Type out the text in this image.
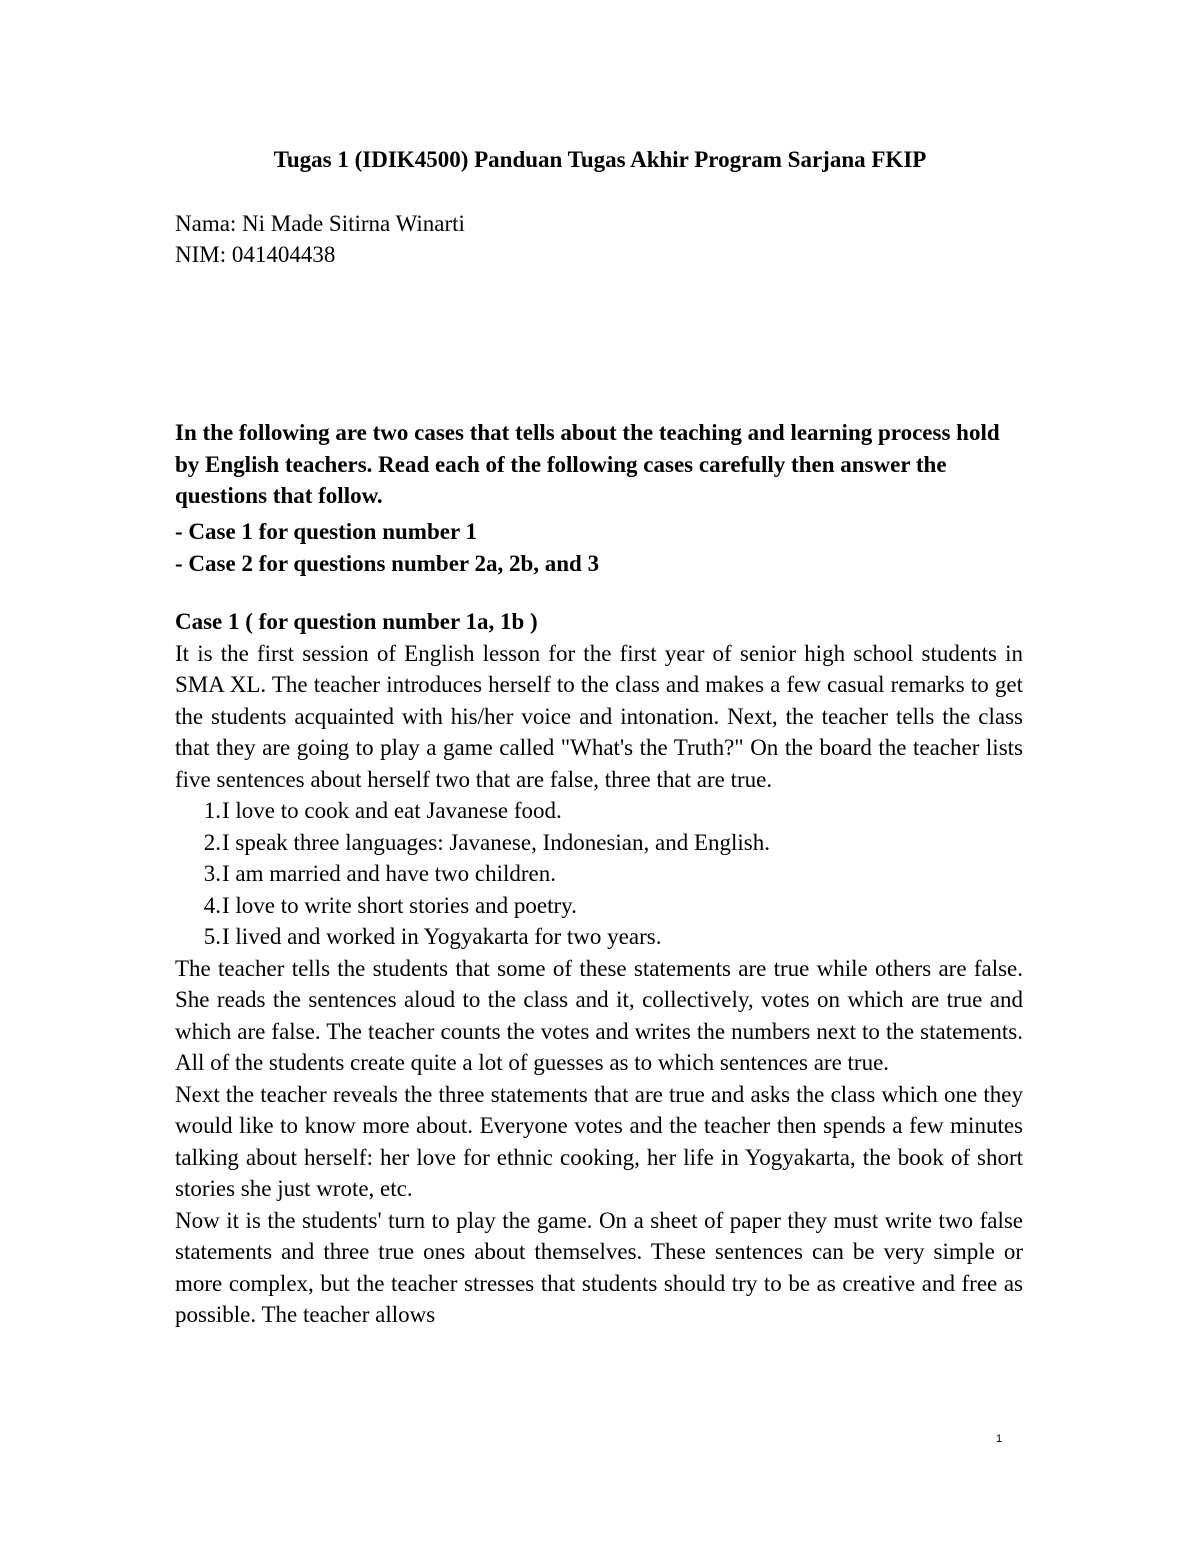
Tugas 1 (IDIK4500) Panduan Tugas Akhir Program Sarjana FKIP
Nama: Ni Made Sitirna Winarti
NIM: 041404438

In the following are two cases that tells about the teaching and learning process hold by English teachers. Read each of the following cases carefully then answer the questions that follow.

- Case 1 for question number 1
- Case 2 for questions number 2a, 2b, and 3

Case 1 ( for question number 1a, 1b )

It is the first session of English lesson for the first year of senior high school students in SMA XL. The teacher introduces herself to the class and makes a few casual remarks to get the students acquainted with his/her voice and intonation. Next, the teacher tells the class that they are going to play a game called "What's the Truth?" On the board the teacher lists five sentences about herself two that are false, three that are true.

1. I love to cook and eat Javanese food.
2. I speak three languages: Javanese, Indonesian, and English.
3. I am married and have two children.
4. I love to write short stories and poetry.
5. I lived and worked in Yogyakarta for two years.

The teacher tells the students that some of these statements are true while others are false. She reads the sentences aloud to the class and it, collectively, votes on which are true and which are false. The teacher counts the votes and writes the numbers next to the statements. All of the students create quite a lot of guesses as to which sentences are true.

Next the teacher reveals the three statements that are true and asks the class which one they would like to know more about. Everyone votes and the teacher then spends a few minutes talking about herself: her love for ethnic cooking, her life in Yogyakarta, the book of short stories she just wrote, etc.

Now it is the students' turn to play the game. On a sheet of paper they must write two false statements and three true ones about themselves. These sentences can be very simple or more complex, but the teacher stresses that students should try to be as creative and free as possible. The teacher allows

1
